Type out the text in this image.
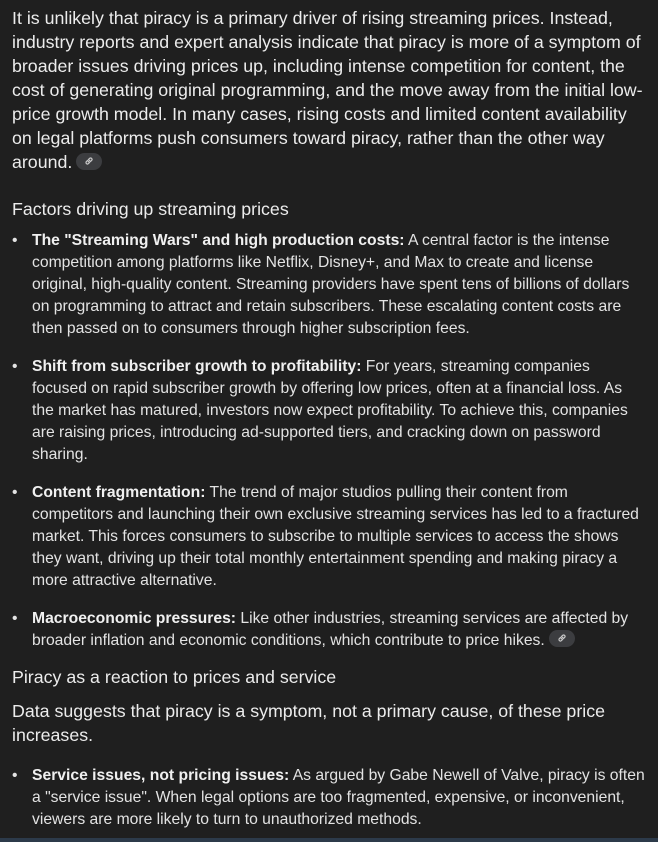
It is unlikely that piracy is a primary driver of rising streaming prices. Instead, industry reports and expert analysis indicate that piracy is more of a symptom of broader issues driving prices up, including intense competition for content, the cost of generating original programming, and the move away from the initial low-price growth model. In many cases, rising costs and limited content availability on legal platforms push consumers toward piracy, rather than the other way around.

Factors driving up streaming prices
• The "Streaming Wars" and high production costs: A central factor is the intense competition among platforms like Netflix, Disney+, and Max to create and license original, high-quality content. Streaming providers have spent tens of billions of dollars on programming to attract and retain subscribers. These escalating content costs are then passed on to consumers through higher subscription fees.
• Shift from subscriber growth to profitability: For years, streaming companies focused on rapid subscriber growth by offering low prices, often at a financial loss. As the market has matured, investors now expect profitability. To achieve this, companies are raising prices, introducing ad-supported tiers, and cracking down on password sharing.
• Content fragmentation: The trend of major studios pulling their content from competitors and launching their own exclusive streaming services has led to a fractured market. This forces consumers to subscribe to multiple services to access the shows they want, driving up their total monthly entertainment spending and making piracy a more attractive alternative.
• Macroeconomic pressures: Like other industries, streaming services are affected by broader inflation and economic conditions, which contribute to price hikes.
Piracy as a reaction to prices and service

Data suggests that piracy is a symptom, not a primary cause, of these price increases.

• Service issues, not pricing issues: As argued by Gabe Newell of Valve, piracy is often a "service issue". When legal options are too fragmented, expensive, or inconvenient, viewers are more likely to turn to unauthorized methods.
